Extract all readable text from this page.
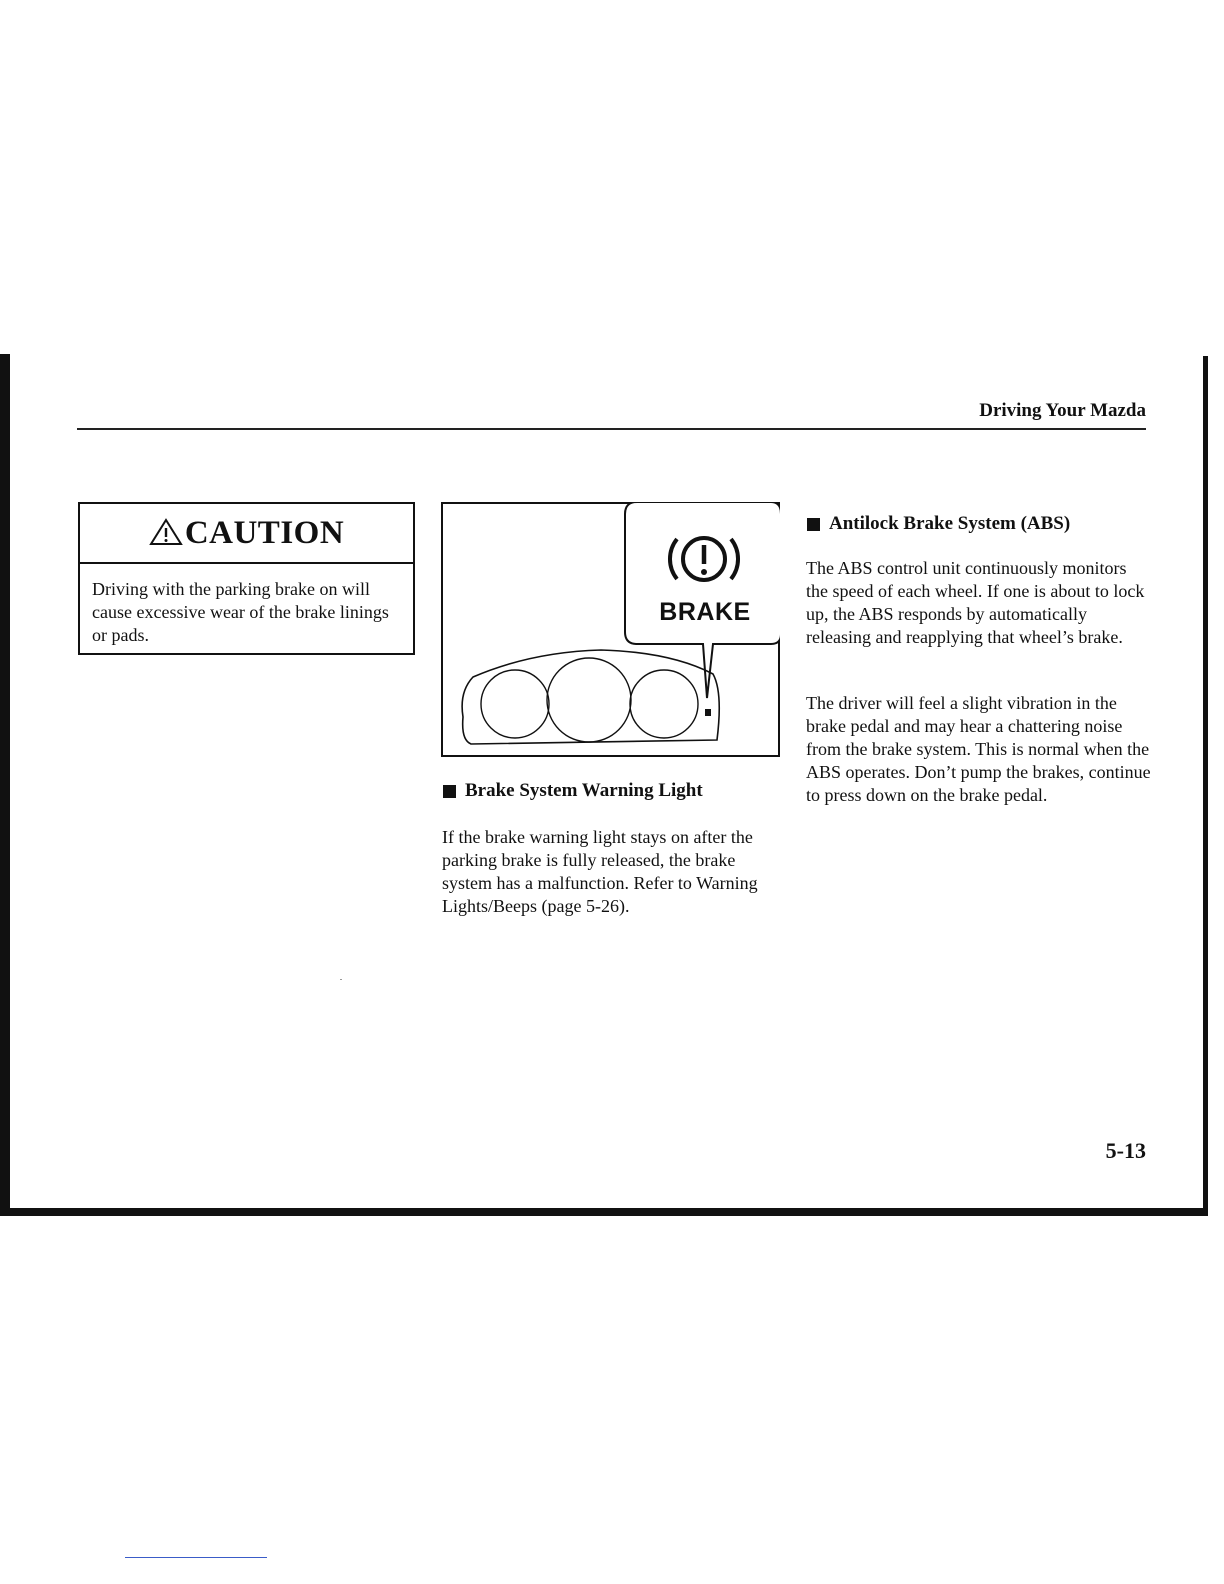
Driving Your Mazda
CAUTION
Driving with the parking brake on will cause excessive wear of the brake linings or pads.
BRAKE
Brake System Warning Light
If the brake warning light stays on after the parking brake is fully released, the brake system has a malfunction. Refer to Warning Lights/Beeps (page 5-26).
Antilock Brake System (ABS)
The ABS control unit continuously monitors the speed of each wheel. If one is about to lock up, the ABS responds by automatically releasing and reapplying that wheel’s brake.
The driver will feel a slight vibration in the brake pedal and may hear a chattering noise from the brake system. This is normal when the ABS operates. Don’t pump the brakes, continue to press down on the brake pedal.
5-13
